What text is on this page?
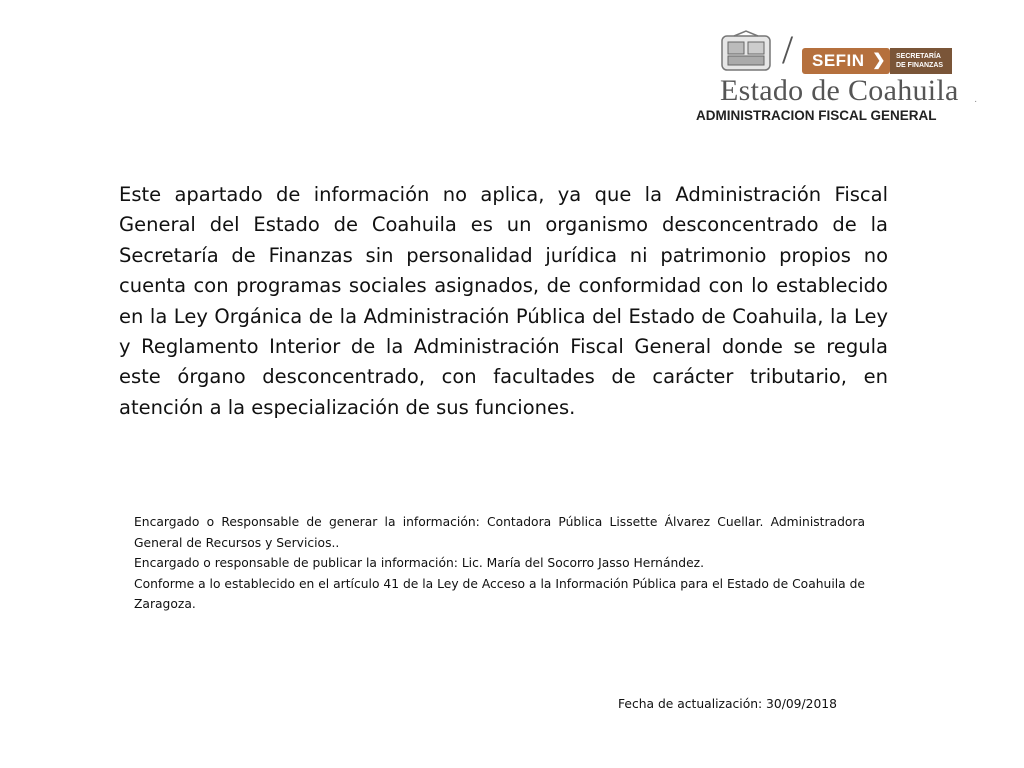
/	SEFIN ❯ SECRETARÍA
DE FINANZAS
Estado de Coahuila
ADMINISTRACION FISCAL GENERAL
·

Este apartado de información no aplica, ya que la Administración Fiscal General del Estado de Coahuila es un organismo desconcentrado de la Secretaría de Finanzas sin personalidad jurídica ni patrimonio propios no cuenta con programas sociales asignados, de conformidad con lo establecido en la Ley Orgánica de la Administración Pública del Estado de Coahuila, la Ley y Reglamento Interior de la Administración Fiscal General donde se regula este órgano desconcentrado, con facultades de carácter tributario, en atención a la especialización de sus funciones.

Encargado o Responsable de generar la información: Contadora Pública Lissette Álvarez Cuellar. Administradora General de Recursos y Servicios..

Encargado o responsable de publicar la información: Lic. María del Socorro Jasso Hernández.

Conforme a lo establecido en el artículo 41 de la Ley de Acceso a la Información Pública para el Estado de Coahuila de Zaragoza.

Fecha de actualización: 30/09/2018
